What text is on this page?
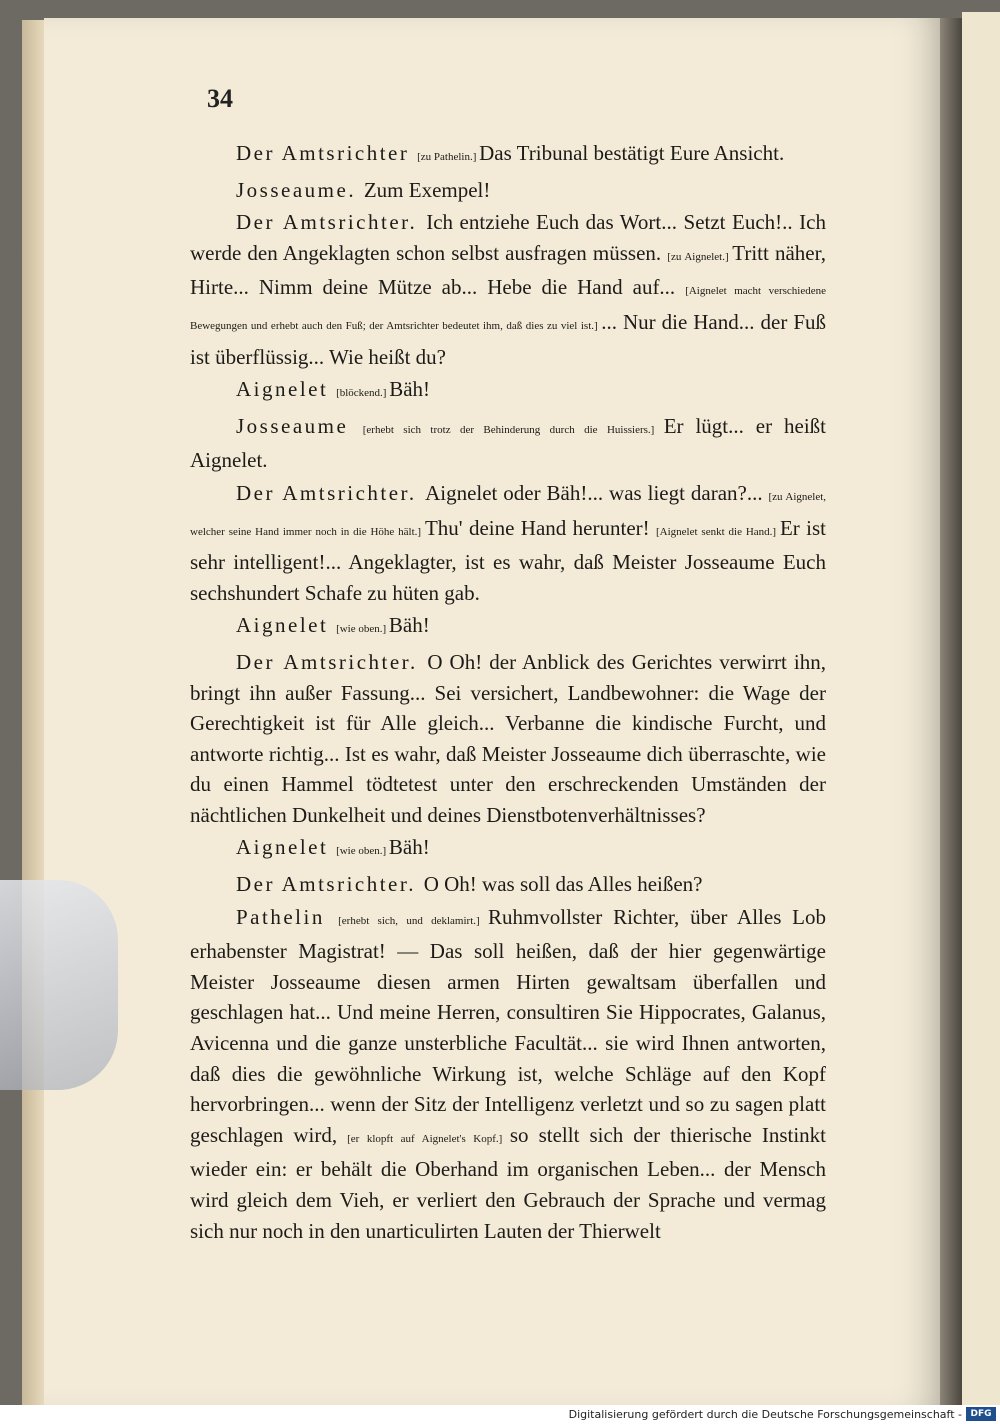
34

Der Amtsrichter [zu Pathelin.] Das Tribunal bestätigt Eure Ansicht.

Josseaume. Zum Exempel!

Der Amtsrichter. Ich entziehe Euch das Wort... Setzt Euch!.. Ich werde den Angeklagten schon selbst ausfragen müssen. [zu Aignelet.] Tritt näher, Hirte... Nimm deine Mütze ab... Hebe die Hand auf... [Aignelet macht verschiedene Bewegungen und erhebt auch den Fuß; der Amtsrichter bedeutet ihm, daß dies zu viel ist.] ... Nur die Hand... der Fuß ist überflüssig... Wie heißt du?

Aignelet [blöckend.] Bäh!

Josseaume [erhebt sich trotz der Behinderung durch die Huissiers.] Er lügt... er heißt Aignelet.

Der Amtsrichter. Aignelet oder Bäh!... was liegt daran?... [zu Aignelet, welcher seine Hand immer noch in die Höhe hält.] Thu' deine Hand herunter! [Aignelet senkt die Hand.] Er ist sehr intelligent!... Angeklagter, ist es wahr, daß Meister Josseaume Euch sechshundert Schafe zu hüten gab.

Aignelet [wie oben.] Bäh!

Der Amtsrichter. O Oh! der Anblick des Gerichtes verwirrt ihn, bringt ihn außer Fassung... Sei versichert, Landbewohner: die Wage der Gerechtigkeit ist für Alle gleich... Verbanne die kindische Furcht, und antworte richtig... Ist es wahr, daß Meister Josseaume dich überraschte, wie du einen Hammel tödtetest unter den erschreckenden Umständen der nächtlichen Dunkelheit und deines Dienstbotenverhältnisses?

Aignelet [wie oben.] Bäh!

Der Amtsrichter. O Oh! was soll das Alles heißen?

Pathelin [erhebt sich, und deklamirt.] Ruhmvollster Richter, über Alles Lob erhabenster Magistrat! — Das soll heißen, daß der hier gegenwärtige Meister Josseaume diesen armen Hirten gewaltsam überfallen und geschlagen hat... Und meine Herren, consultiren Sie Hippocrates, Galanus, Avicenna und die ganze unsterbliche Facultät... sie wird Ihnen antworten, daß dies die gewöhnliche Wirkung ist, welche Schläge auf den Kopf hervorbringen... wenn der Sitz der Intelligenz verletzt und so zu sagen platt geschlagen wird, [er klopft auf Aignelet's Kopf.] so stellt sich der thierische Instinkt wieder ein: er behält die Oberhand im organischen Leben... der Mensch wird gleich dem Vieh, er verliert den Gebrauch der Sprache und vermag sich nur noch in den unarticulirten Lauten der Thierwelt

Digitalisierung gefördert durch die Deutsche Forschungsgemeinschaft - DFG
